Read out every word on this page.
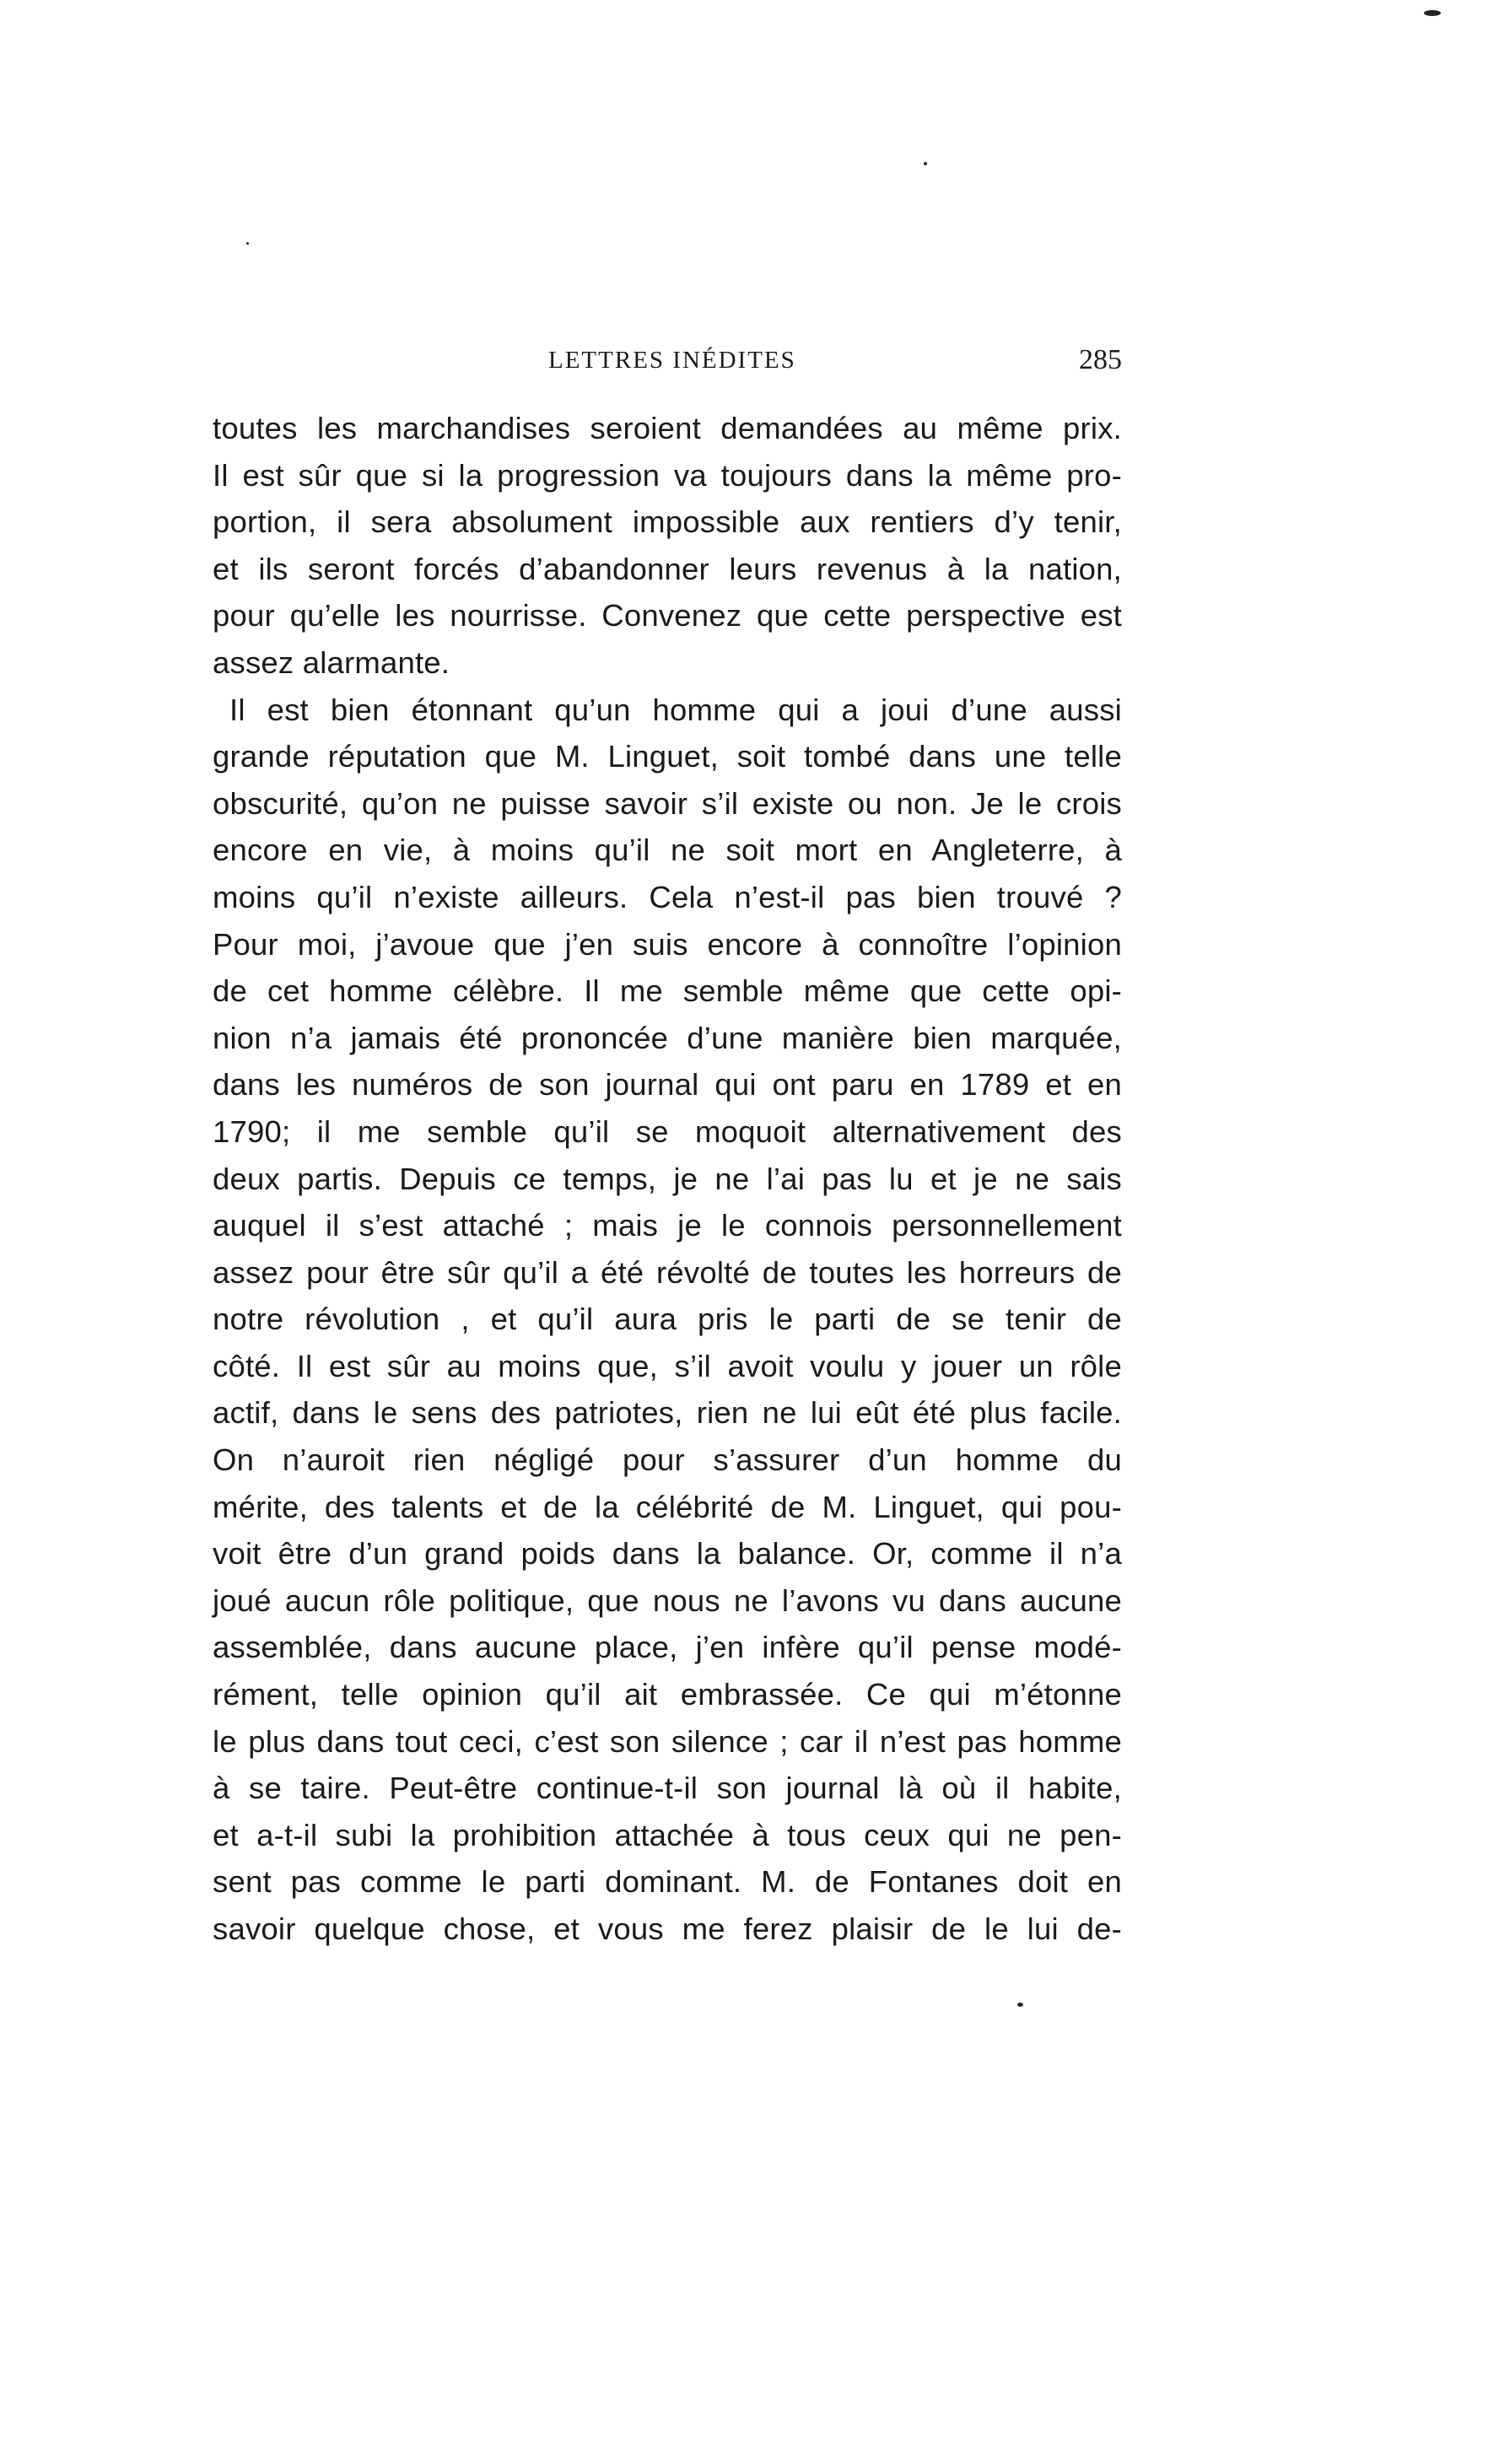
LETTRES INÉDITES	285
toutes les marchandises seroient demandées au même prix.
Il est sûr que si la progression va toujours dans la même pro-
portion, il sera absolument impossible aux rentiers d’y tenir,
et ils seront forcés d’abandonner leurs revenus à la nation,
pour qu’elle les nourrisse. Convenez que cette perspective est
assez alarmante.
Il est bien étonnant qu’un homme qui a joui d’une aussi
grande réputation que M. Linguet, soit tombé dans une telle
obscurité, qu’on ne puisse savoir s’il existe ou non. Je le crois
encore en vie, à moins qu’il ne soit mort en Angleterre, à
moins qu’il n’existe ailleurs. Cela n’est-il pas bien trouvé ?
Pour moi, j’avoue que j’en suis encore à connoître l’opinion
de cet homme célèbre. Il me semble même que cette opi-
nion n’a jamais été prononcée d’une manière bien marquée,
dans les numéros de son journal qui ont paru en 1789 et en
1790; il me semble qu’il se moquoit alternativement des
deux partis. Depuis ce temps, je ne l’ai pas lu et je ne sais
auquel il s’est attaché ; mais je le connois personnellement
assez pour être sûr qu’il a été révolté de toutes les horreurs de
notre révolution , et qu’il aura pris le parti de se tenir de
côté. Il est sûr au moins que, s’il avoit voulu y jouer un rôle
actif, dans le sens des patriotes, rien ne lui eût été plus facile.
On n’auroit rien négligé pour s’assurer d’un homme du
mérite, des talents et de la célébrité de M. Linguet, qui pou-
voit être d’un grand poids dans la balance. Or, comme il n’a
joué aucun rôle politique, que nous ne l’avons vu dans aucune
assemblée, dans aucune place, j’en infère qu’il pense modé-
rément, telle opinion qu’il ait embrassée. Ce qui m’étonne
le plus dans tout ceci, c’est son silence ; car il n’est pas homme
à se taire. Peut-être continue-t-il son journal là où il habite,
et a-t-il subi la prohibition attachée à tous ceux qui ne pen-
sent pas comme le parti dominant. M. de Fontanes doit en
savoir quelque chose, et vous me ferez plaisir de le lui de-
